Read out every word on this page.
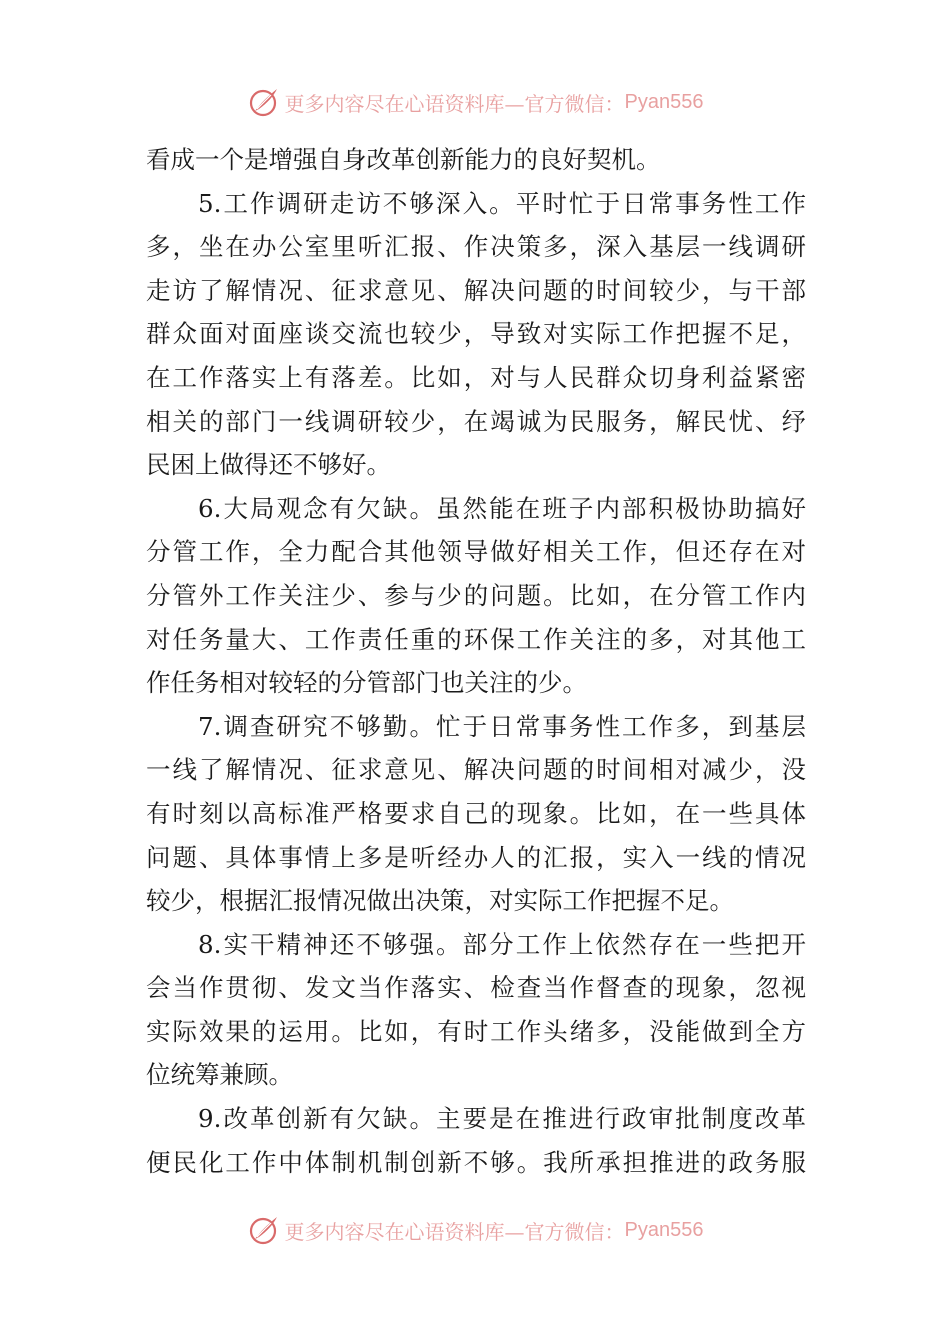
更多内容尽在心语资料库—官方微信： Pyan556
看成一个是增强自身改革创新能力的良好契机。
5.工作调研走访不够深入。平时忙于日常事务性工作
多，坐在办公室里听汇报、作决策多，深入基层一线调研
走访了解情况、征求意见、解决问题的时间较少，与干部
群众面对面座谈交流也较少，导致对实际工作把握不足，
在工作落实上有落差。比如，对与人民群众切身利益紧密
相关的部门一线调研较少，在竭诚为民服务，解民忧、纾
民困上做得还不够好。
6.大局观念有欠缺。虽然能在班子内部积极协助搞好
分管工作，全力配合其他领导做好相关工作，但还存在对
分管外工作关注少、参与少的问题。比如，在分管工作内
对任务量大、工作责任重的环保工作关注的多，对其他工
作任务相对较轻的分管部门也关注的少。
7.调查研究不够勤。忙于日常事务性工作多，到基层
一线了解情况、征求意见、解决问题的时间相对减少，没
有时刻以高标准严格要求自己的现象。比如，在一些具体
问题、具体事情上多是听经办人的汇报，实入一线的情况
较少，根据汇报情况做出决策，对实际工作把握不足。
8.实干精神还不够强。部分工作上依然存在一些把开
会当作贯彻、发文当作落实、检查当作督查的现象，忽视
实际效果的运用。比如，有时工作头绪多，没能做到全方
位统筹兼顾。
9.改革创新有欠缺。主要是在推进行政审批制度改革
便民化工作中体制机制创新不够。我所承担推进的政务服
更多内容尽在心语资料库—官方微信： Pyan556
